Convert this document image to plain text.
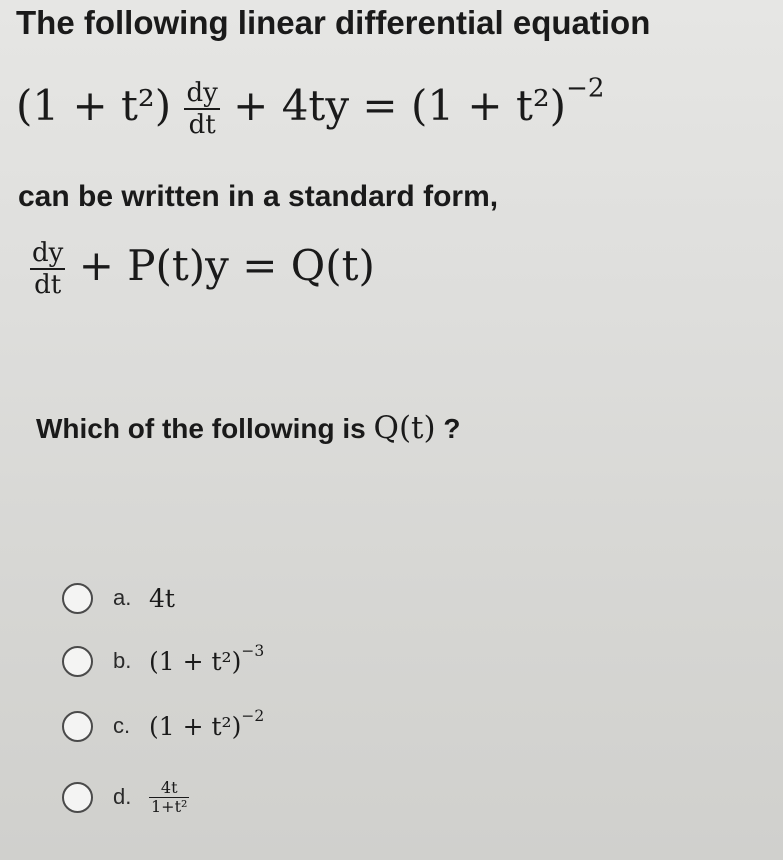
The following linear differential equation
$(1 + t^2) \frac{dy}{dt} + 4ty = (1 + t^2)^{-2}$
can be written in a standard form,
$\frac{dy}{dt} + P(t)y = Q(t)$
Which of the following is Q(t) ?
a. 4t
b. $(1 + t^2)^{-3}$
c. $(1 + t^2)^{-2}$
d.	$\frac{4t}{\text{1+t²}}$
